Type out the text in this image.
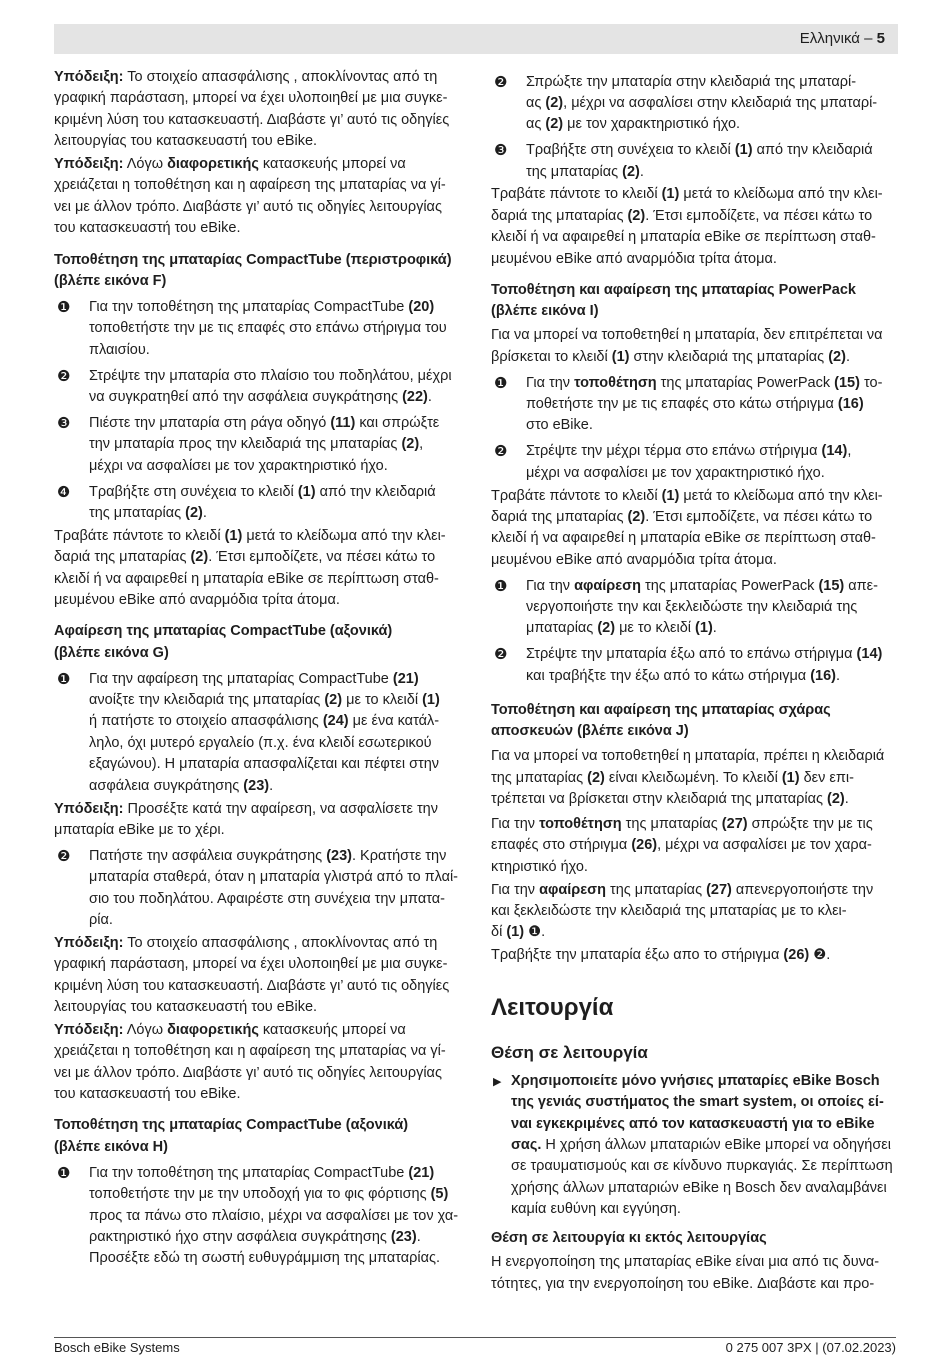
Ελληνικά – 5
Υπόδειξη: Το στοιχείο απασφάλισης , αποκλίνοντας από τη
γραφική παράσταση, μπορεί να έχει υλοποιηθεί με μια συγκε-
κριμένη λύση του κατασκευαστή. Διαβάστε γι’ αυτό τις οδηγίες
λειτουργίας του κατασκευαστή του eBike.
Υπόδειξη: Λόγω διαφορετικής κατασκευής μπορεί να
χρειάζεται η τοποθέτηση και η αφαίρεση της μπαταρίας να γί-
νει με άλλον τρόπο. Διαβάστε γι’ αυτό τις οδηγίες λειτουργίας
του κατασκευαστή του eBike.
Τοποθέτηση της μπαταρίας CompactTube (περιστροφικά)
(βλέπε εικόνα F)
❶ Για την τοποθέτηση της μπαταρίας CompactTube (20)
τοποθετήστε την με τις επαφές στο επάνω στήριγμα του
πλαισίου.
❷ Στρέψτε την μπαταρία στο πλαίσιο του ποδηλάτου, μέχρι
να συγκρατηθεί από την ασφάλεια συγκράτησης (22).
❸ Πιέστε την μπαταρία στη ράγα οδηγό (11) και σπρώξτε
την μπαταρία προς την κλειδαριά της μπαταρίας (2),
μέχρι να ασφαλίσει με τον χαρακτηριστικό ήχο.
❹ Τραβήξτε στη συνέχεια το κλειδί (1) από την κλειδαριά
της μπαταρίας (2).
Τραβάτε πάντοτε το κλειδί (1) μετά το κλείδωμα από την κλει-
δαριά της μπαταρίας (2). Έτσι εμποδίζετε, να πέσει κάτω το
κλειδί ή να αφαιρεθεί η μπαταρία eBike σε περίπτωση σταθ-
μευμένου eBike από αναρμόδια τρίτα άτομα.
Αφαίρεση της μπαταρίας CompactTube (αξονικά)
(βλέπε εικόνα G)
❶ Για την αφαίρεση της μπαταρίας CompactTube (21)
ανοίξτε την κλειδαριά της μπαταρίας (2) με το κλειδί (1)
ή πατήστε το στοιχείο απασφάλισης (24) με ένα κατάλ-
ληλο, όχι μυτερό εργαλείο (π.χ. ένα κλειδί εσωτερικού
εξαγώνου). Η μπαταρία απασφαλίζεται και πέφτει στην
ασφάλεια συγκράτησης (23).
Υπόδειξη: Προσέξτε κατά την αφαίρεση, να ασφαλίσετε την
μπαταρία eBike με το χέρι.
❷ Πατήστε την ασφάλεια συγκράτησης (23). Κρατήστε την
μπαταρία σταθερά, όταν η μπαταρία γλιστρά από το πλαί-
σιο του ποδηλάτου. Αφαιρέστε στη συνέχεια την μπατα-
ρία.
Υπόδειξη: Το στοιχείο απασφάλισης , αποκλίνοντας από τη
γραφική παράσταση, μπορεί να έχει υλοποιηθεί με μια συγκε-
κριμένη λύση του κατασκευαστή. Διαβάστε γι’ αυτό τις οδηγίες
λειτουργίας του κατασκευαστή του eBike.
Υπόδειξη: Λόγω διαφορετικής κατασκευής μπορεί να
χρειάζεται η τοποθέτηση και η αφαίρεση της μπαταρίας να γί-
νει με άλλον τρόπο. Διαβάστε γι’ αυτό τις οδηγίες λειτουργίας
του κατασκευαστή του eBike.
Τοποθέτηση της μπαταρίας CompactTube (αξονικά)
(βλέπε εικόνα H)
❶ Για την τοποθέτηση της μπαταρίας CompactTube (21)
τοποθετήστε την με την υποδοχή για το φις φόρτισης (5)
προς τα πάνω στο πλαίσιο, μέχρι να ασφαλίσει με τον χα-
ρακτηριστικό ήχο στην ασφάλεια συγκράτησης (23).
Προσέξτε εδώ τη σωστή ευθυγράμμιση της μπαταρίας.
❷ Σπρώξτε την μπαταρία στην κλειδαριά της μπαταρί-
ας (2), μέχρι να ασφαλίσει στην κλειδαριά της μπαταρί-
ας (2) με τον χαρακτηριστικό ήχο.
❸ Τραβήξτε στη συνέχεια το κλειδί (1) από την κλειδαριά
της μπαταρίας (2).
Τραβάτε πάντοτε το κλειδί (1) μετά το κλείδωμα από την κλει-
δαριά της μπαταρίας (2). Έτσι εμποδίζετε, να πέσει κάτω το
κλειδί ή να αφαιρεθεί η μπαταρία eBike σε περίπτωση σταθ-
μευμένου eBike από αναρμόδια τρίτα άτομα.
Τοποθέτηση και αφαίρεση της μπαταρίας PowerPack
(βλέπε εικόνα I)
Για να μπορεί να τοποθετηθεί η μπαταρία, δεν επιτρέπεται να
βρίσκεται το κλειδί (1) στην κλειδαριά της μπαταρίας (2).
❶ Για την τοποθέτηση της μπαταρίας PowerPack (15) το-
ποθετήστε την με τις επαφές στο κάτω στήριγμα (16)
στο eBike.
❷ Στρέψτε την μέχρι τέρμα στο επάνω στήριγμα (14),
μέχρι να ασφαλίσει με τον χαρακτηριστικό ήχο.
Τραβάτε πάντοτε το κλειδί (1) μετά το κλείδωμα από την κλει-
δαριά της μπαταρίας (2). Έτσι εμποδίζετε, να πέσει κάτω το
κλειδί ή να αφαιρεθεί η μπαταρία eBike σε περίπτωση σταθ-
μευμένου eBike από αναρμόδια τρίτα άτομα.
❶ Για την αφαίρεση της μπαταρίας PowerPack (15) απε-
νεργοποιήστε την και ξεκλειδώστε την κλειδαριά της
μπαταρίας (2) με το κλειδί (1).
❷ Στρέψτε την μπαταρία έξω από το επάνω στήριγμα (14)
και τραβήξτε την έξω από το κάτω στήριγμα (16).
Τοποθέτηση και αφαίρεση της μπαταρίας σχάρας
αποσκευών (βλέπε εικόνα J)
Για να μπορεί να τοποθετηθεί η μπαταρία, πρέπει η κλειδαριά
της μπαταρίας (2) είναι κλειδωμένη. Το κλειδί (1) δεν επι-
τρέπεται να βρίσκεται στην κλειδαριά της μπαταρίας (2).
Για την τοποθέτηση της μπαταρίας (27) σπρώξτε την με τις
επαφές στο στήριγμα (26), μέχρι να ασφαλίσει με τον χαρα-
κτηριστικό ήχο.
Για την αφαίρεση της μπαταρίας (27) απενεργοποιήστε την
και ξεκλειδώστε την κλειδαριά της μπαταρίας με το κλει-
δί (1) ❶.
Τραβήξτε την μπαταρία έξω απο το στήριγμα (26) ❷.
Λειτουργία
Θέση σε λειτουργία
▶ Χρησιμοποιείτε μόνο γνήσιες μπαταρίες eBike Bosch
της γενιάς συστήματος the smart system, οι οποίες εί-
ναι εγκεκριμένες από τον κατασκευαστή για το eBike
σας. Η χρήση άλλων μπαταριών eBike μπορεί να οδηγήσει
σε τραυματισμούς και σε κίνδυνο πυρκαγιάς. Σε περίπτωση
χρήσης άλλων μπαταριών eBike η Bosch δεν αναλαμβάνει
καμία ευθύνη και εγγύηση.
Θέση σε λειτουργία κι εκτός λειτουργίας
Η ενεργοποίηση της μπαταρίας eBike είναι μια από τις δυνα-
τότητες, για την ενεργοποίηση του eBike. Διαβάστε και προ-
Bosch eBike Systems	0 275 007 3PX | (07.02.2023)
